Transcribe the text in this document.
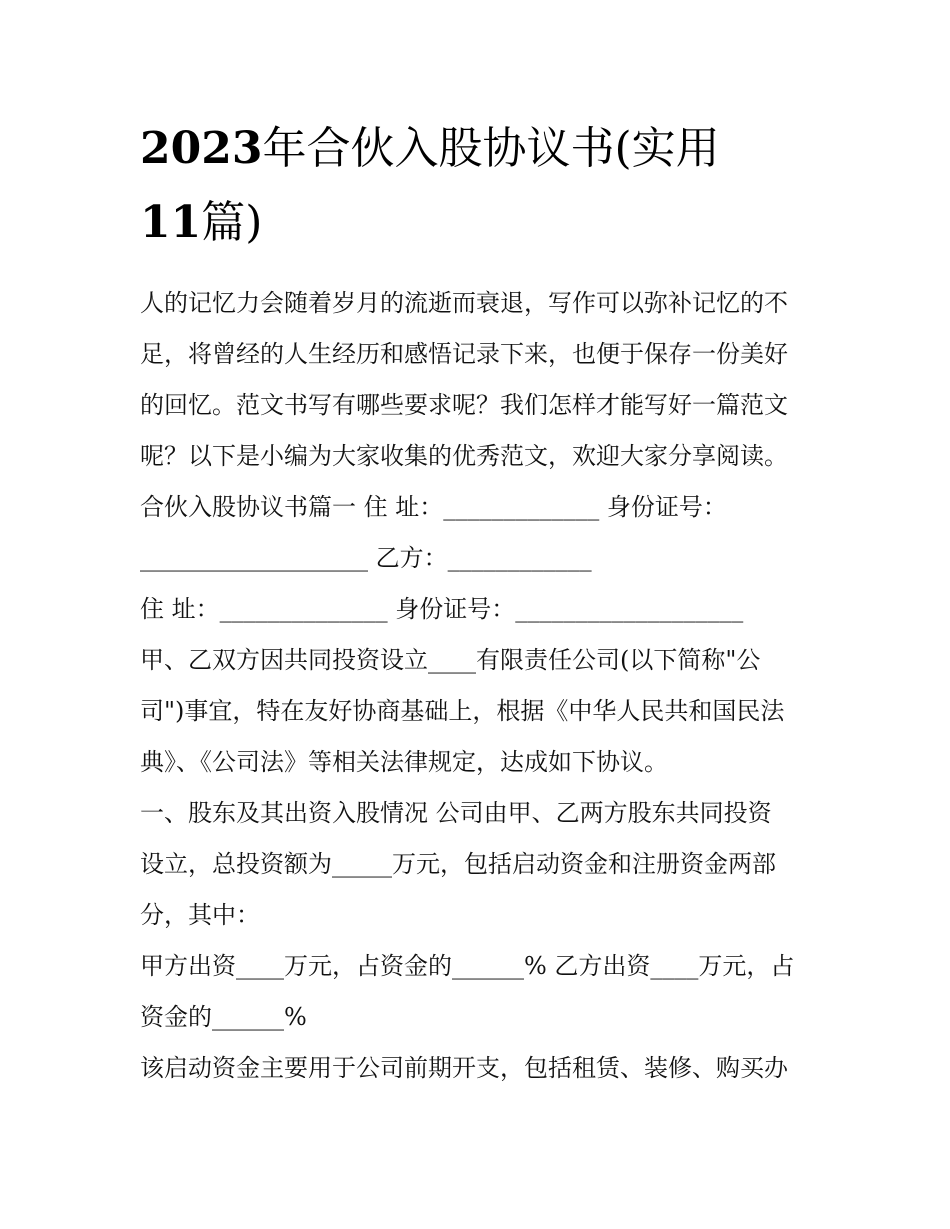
2023年合伙入股协议书(实用
11篇)
人的记忆力会随着岁月的流逝而衰退，写作可以弥补记忆的不
足，将曾经的人生经历和感悟记录下来，也便于保存一份美好
的回忆。范文书写有哪些要求呢？我们怎样才能写好一篇范文
呢？以下是小编为大家收集的优秀范文，欢迎大家分享阅读。
合伙入股协议书篇一 住 址：_____________ 身份证号：
___________________ 乙方：____________
住 址：______________ 身份证号：___________________
甲、乙双方因共同投资设立____有限责任公司(以下简称"公
司")事宜，特在友好协商基础上，根据《中华人民共和国民法
典》、《公司法》等相关法律规定，达成如下协议。
一、股东及其出资入股情况 公司由甲、乙两方股东共同投资
设立，总投资额为_____万元，包括启动资金和注册资金两部
分，其中：
甲方出资____万元，占资金的______% 乙方出资____万元，占
资金的______%
该启动资金主要用于公司前期开支，包括租赁、装修、购买办
